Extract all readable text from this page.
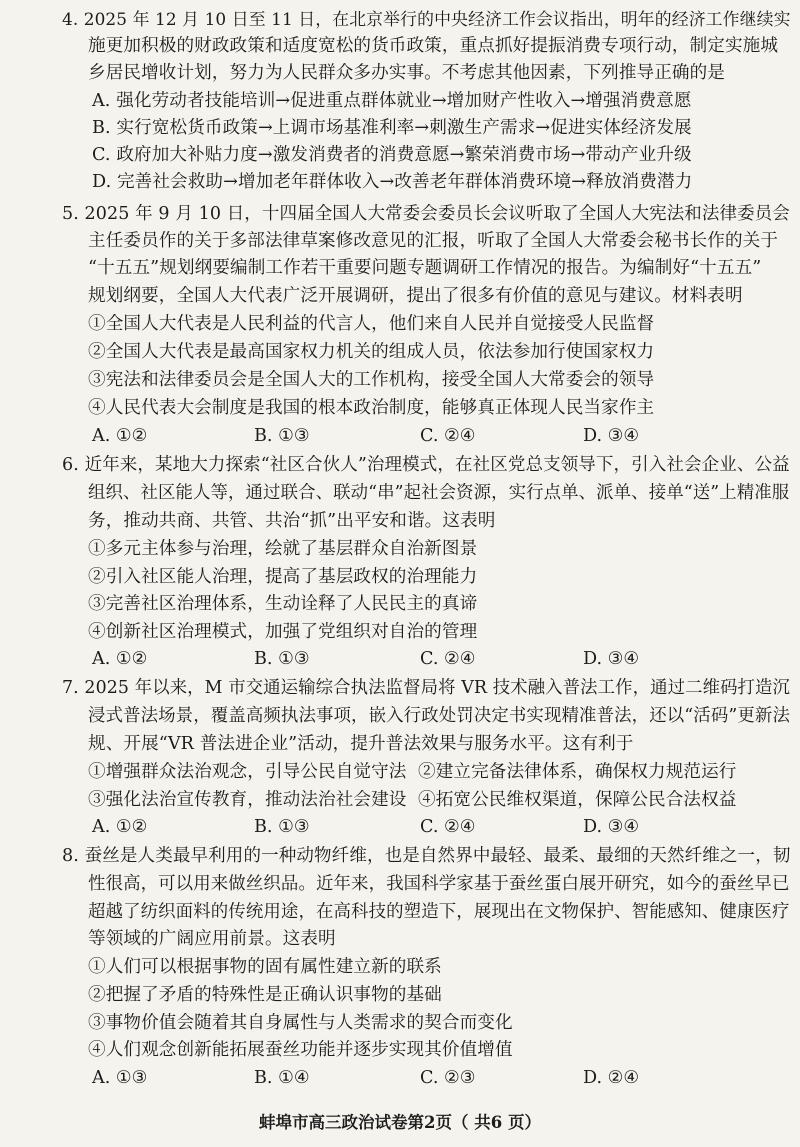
4. 2025 年 12 月 10 日至 11 日，在北京举行的中央经济工作会议指出，明年的经济工作继续实
施更加积极的财政政策和适度宽松的货币政策，重点抓好提振消费专项行动，制定实施城
乡居民增收计划，努力为人民群众多办实事。不考虑其他因素，下列推导正确的是
A. 强化劳动者技能培训→促进重点群体就业→增加财产性收入→增强消费意愿
B. 实行宽松货币政策→上调市场基准利率→刺激生产需求→促进实体经济发展
C. 政府加大补贴力度→激发消费者的消费意愿→繁荣消费市场→带动产业升级
D. 完善社会救助→增加老年群体收入→改善老年群体消费环境→释放消费潜力
5. 2025 年 9 月 10 日，十四届全国人大常委会委员长会议听取了全国人大宪法和法律委员会
主任委员作的关于多部法律草案修改意见的汇报，听取了全国人大常委会秘书长作的关于
“十五五”规划纲要编制工作若干重要问题专题调研工作情况的报告。为编制好“十五五”
规划纲要，全国人大代表广泛开展调研，提出了很多有价值的意见与建议。材料表明
①全国人大代表是人民利益的代言人，他们来自人民并自觉接受人民监督
②全国人大代表是最高国家权力机关的组成人员，依法参加行使国家权力
③宪法和法律委员会是全国人大的工作机构，接受全国人大常委会的领导
④人民代表大会制度是我国的根本政治制度，能够真正体现人民当家作主
A. ①②	B. ①③	C. ②④	D. ③④
6. 近年来，某地大力探索“社区合伙人”治理模式，在社区党总支领导下，引入社会企业、公益
组织、社区能人等，通过联合、联动“串”起社会资源，实行点单、派单、接单“送”上精准服
务，推动共商、共管、共治“抓”出平安和谐。这表明
①多元主体参与治理，绘就了基层群众自治新图景
②引入社区能人治理，提高了基层政权的治理能力
③完善社区治理体系，生动诠释了人民民主的真谛
④创新社区治理模式，加强了党组织对自治的管理
A. ①②	B. ①③	C. ②④	D. ③④
7. 2025 年以来，M 市交通运输综合执法监督局将 VR 技术融入普法工作，通过二维码打造沉
浸式普法场景，覆盖高频执法事项，嵌入行政处罚决定书实现精准普法，还以“活码”更新法
规、开展“VR 普法进企业”活动，提升普法效果与服务水平。这有利于
①增强群众法治观念，引导公民自觉守法
③强化法治宣传教育，推动法治社会建设
②建立完备法律体系，确保权力规范运行
④拓宽公民维权渠道，保障公民合法权益
A. ①②	B. ①③	C. ②④	D. ③④
8. 蚕丝是人类最早利用的一种动物纤维，也是自然界中最轻、最柔、最细的天然纤维之一，韧
性很高，可以用来做丝织品。近年来，我国科学家基于蚕丝蛋白展开研究，如今的蚕丝早已
超越了纺织面料的传统用途，在高科技的塑造下，展现出在文物保护、智能感知、健康医疗
等领域的广阔应用前景。这表明
①人们可以根据事物的固有属性建立新的联系
②把握了矛盾的特殊性是正确认识事物的基础
③事物价值会随着其自身属性与人类需求的契合而变化
④人们观念创新能拓展蚕丝功能并逐步实现其价值增值
A. ①③	B. ①④	C. ②③	D. ②④
蚌埠市高三政治试卷第2页（ 共6 页）
